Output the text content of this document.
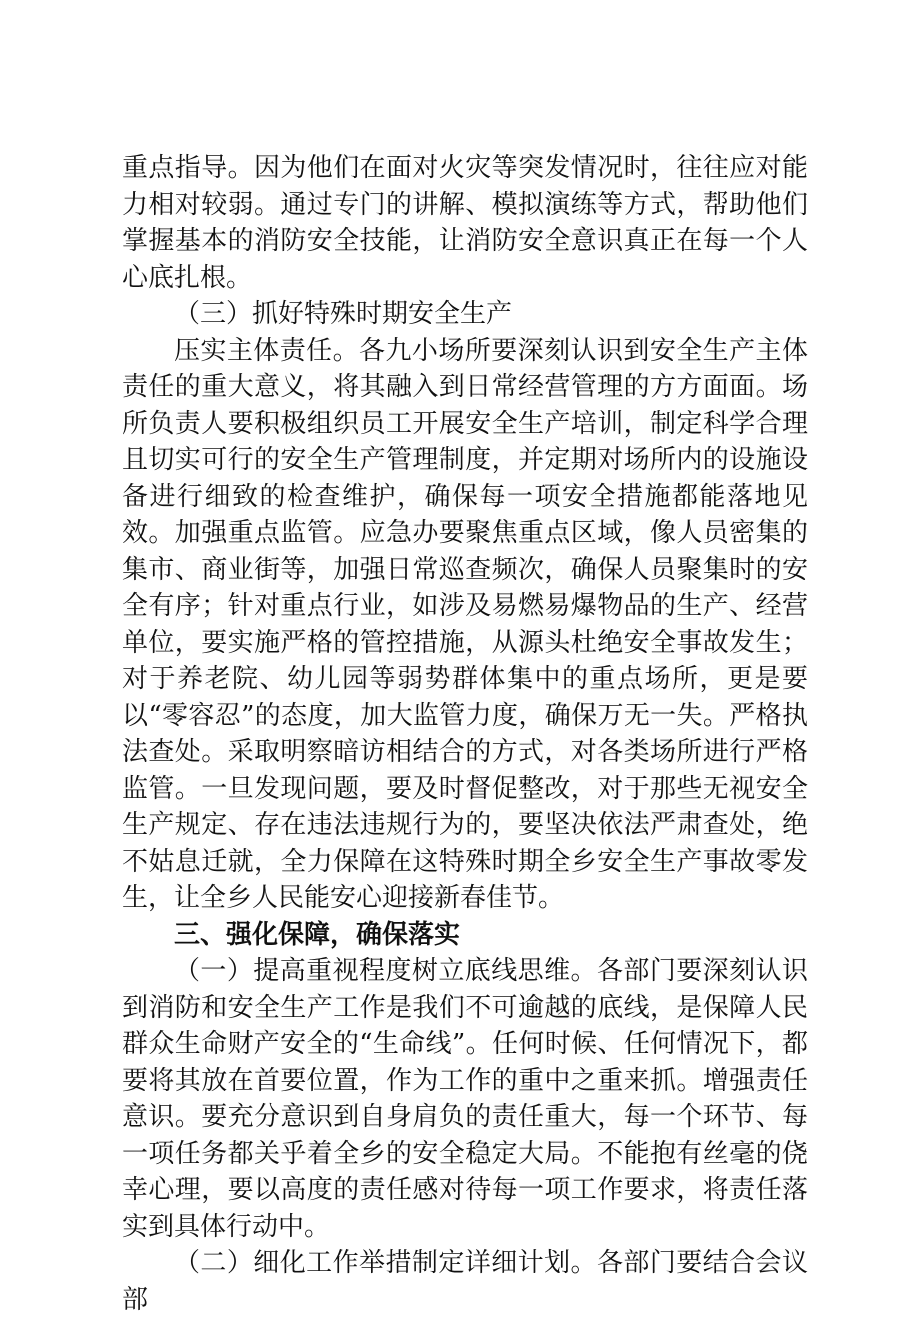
重点指导。因为他们在面对火灾等突发情况时，往往应对能力相对较弱。通过专门的讲解、模拟演练等方式，帮助他们掌握基本的消防安全技能，让消防安全意识真正在每一个人心底扎根。

（三）抓好特殊时期安全生产

压实主体责任。各九小场所要深刻认识到安全生产主体责任的重大意义，将其融入到日常经营管理的方方面面。场所负责人要积极组织员工开展安全生产培训，制定科学合理且切实可行的安全生产管理制度，并定期对场所内的设施设备进行细致的检查维护，确保每一项安全措施都能落地见效。加强重点监管。应急办要聚焦重点区域，像人员密集的集市、商业街等，加强日常巡查频次，确保人员聚集时的安全有序；针对重点行业，如涉及易燃易爆物品的生产、经营单位，要实施严格的管控措施，从源头杜绝安全事故发生；对于养老院、幼儿园等弱势群体集中的重点场所，更是要以“零容忍”的态度，加大监管力度，确保万无一失。严格执法查处。采取明察暗访相结合的方式，对各类场所进行严格监管。一旦发现问题，要及时督促整改，对于那些无视安全生产规定、存在违法违规行为的，要坚决依法严肃查处，绝不姑息迁就，全力保障在这特殊时期全乡安全生产事故零发生，让全乡人民能安心迎接新春佳节。

三、强化保障，确保落实

（一）提高重视程度树立底线思维。各部门要深刻认识到消防和安全生产工作是我们不可逾越的底线，是保障人民群众生命财产安全的“生命线”。任何时候、任何情况下，都要将其放在首要位置，作为工作的重中之重来抓。增强责任意识。要充分意识到自身肩负的责任重大，每一个环节、每一项任务都关乎着全乡的安全稳定大局。不能抱有丝毫的侥幸心理，要以高度的责任感对待每一项工作要求，将责任落实到具体行动中。

（二）细化工作举措制定详细计划。各部门要结合会议部
